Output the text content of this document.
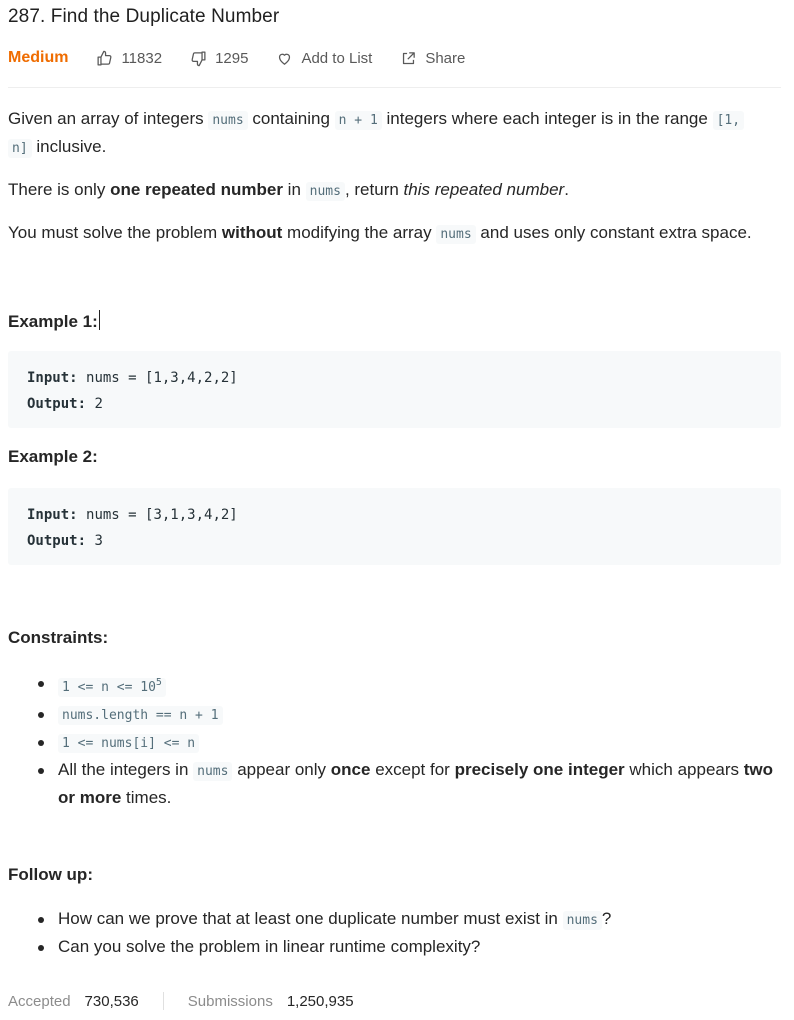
287. Find the Duplicate Number
Medium	11832	1295	Add to List	Share
Given an array of integers nums containing n + 1 integers where each integer is in the range [1,
n] inclusive.
There is only one repeated number in nums , return this repeated number.
You must solve the problem without modifying the array nums and uses only constant extra space.
Example 1:
Input: nums = [1,3,4,2,2]
Output: 2
Example 2:
Input: nums = [3,1,3,4,2]
Output: 3
Constraints:
$1 <= n <= 10^5$
nums.length == n + 1
1 <= nums[i] <= n
All the integers in nums appear only once except for precisely one integer which appears two or more times.
Follow up:
How can we prove that at least one duplicate number must exist in nums ?
Can you solve the problem in linear runtime complexity?
Accepted 730,536	Submissions 1,250,935
